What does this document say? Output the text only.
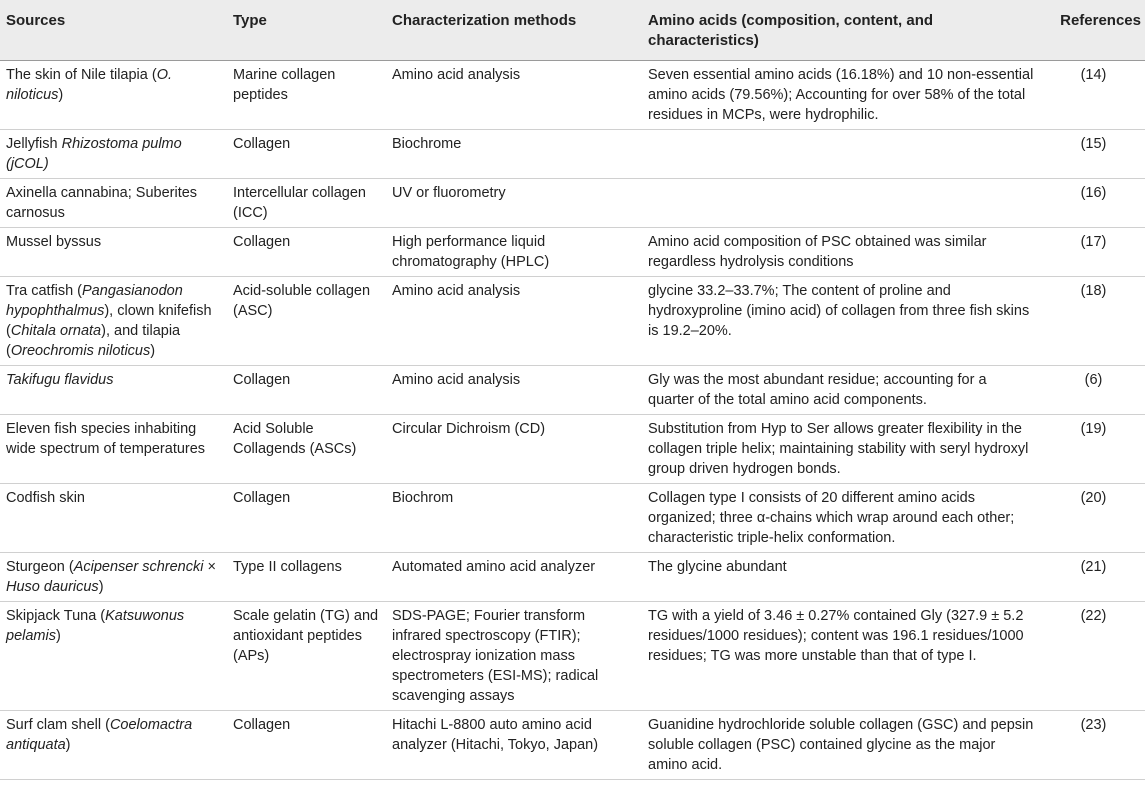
Sources	Type	Characterization methods	Amino acids (composition, content, and characteristics)	References
The skin of Nile tilapia (O. niloticus)	Marine collagen peptides	Amino acid analysis	Seven essential amino acids (16.18%) and 10 non-essential amino acids (79.56%); Accounting for over 58% of the total residues in MCPs, were hydrophilic.	(14)
Jellyfish Rhizostoma pulmo (jCOL)	Collagen	Biochrome		(15)
Axinella cannabina; Suberites carnosus	Intercellular collagen (ICC)	UV or fluorometry		(16)
Mussel byssus	Collagen	High performance liquid chromatography (HPLC)	Amino acid composition of PSC obtained was similar regardless hydrolysis conditions	(17)
Tra catfish (Pangasianodon hypophthalmus), clown knifefish (Chitala ornata), and tilapia (Oreochromis niloticus)	Acid-soluble collagen (ASC)	Amino acid analysis	glycine 33.2–33.7%; The content of proline and hydroxyproline (imino acid) of collagen from three fish skins is 19.2–20%.	(18)
Takifugu flavidus	Collagen	Amino acid analysis	Gly was the most abundant residue; accounting for a quarter of the total amino acid components.	(6)
Eleven fish species inhabiting wide spectrum of temperatures	Acid Soluble Collagends (ASCs)	Circular Dichroism (CD)	Substitution from Hyp to Ser allows greater flexibility in the collagen triple helix; maintaining stability with seryl hydroxyl group driven hydrogen bonds.	(19)
Codfish skin	Collagen	Biochrom	Collagen type I consists of 20 different amino acids organized; three α-chains which wrap around each other; characteristic triple-helix conformation.	(20)
Sturgeon (Acipenser schrencki × Huso dauricus)	Type II collagens	Automated amino acid analyzer	The glycine abundant	(21)
Skipjack Tuna (Katsuwonus pelamis)	Scale gelatin (TG) and antioxidant peptides (APs)	SDS-PAGE; Fourier transform infrared spectroscopy (FTIR); electrospray ionization mass spectrometers (ESI-MS); radical scavenging assays	TG with a yield of 3.46 ± 0.27% contained Gly (327.9 ± 5.2 residues/1000 residues); content was 196.1 residues/1000 residues; TG was more unstable than that of type I.	(22)
Surf clam shell (Coelomactra antiquata)	Collagen	Hitachi L-8800 auto amino acid analyzer (Hitachi, Tokyo, Japan)	Guanidine hydrochloride soluble collagen (GSC) and pepsin soluble collagen (PSC) contained glycine as the major amino acid.	(23)
